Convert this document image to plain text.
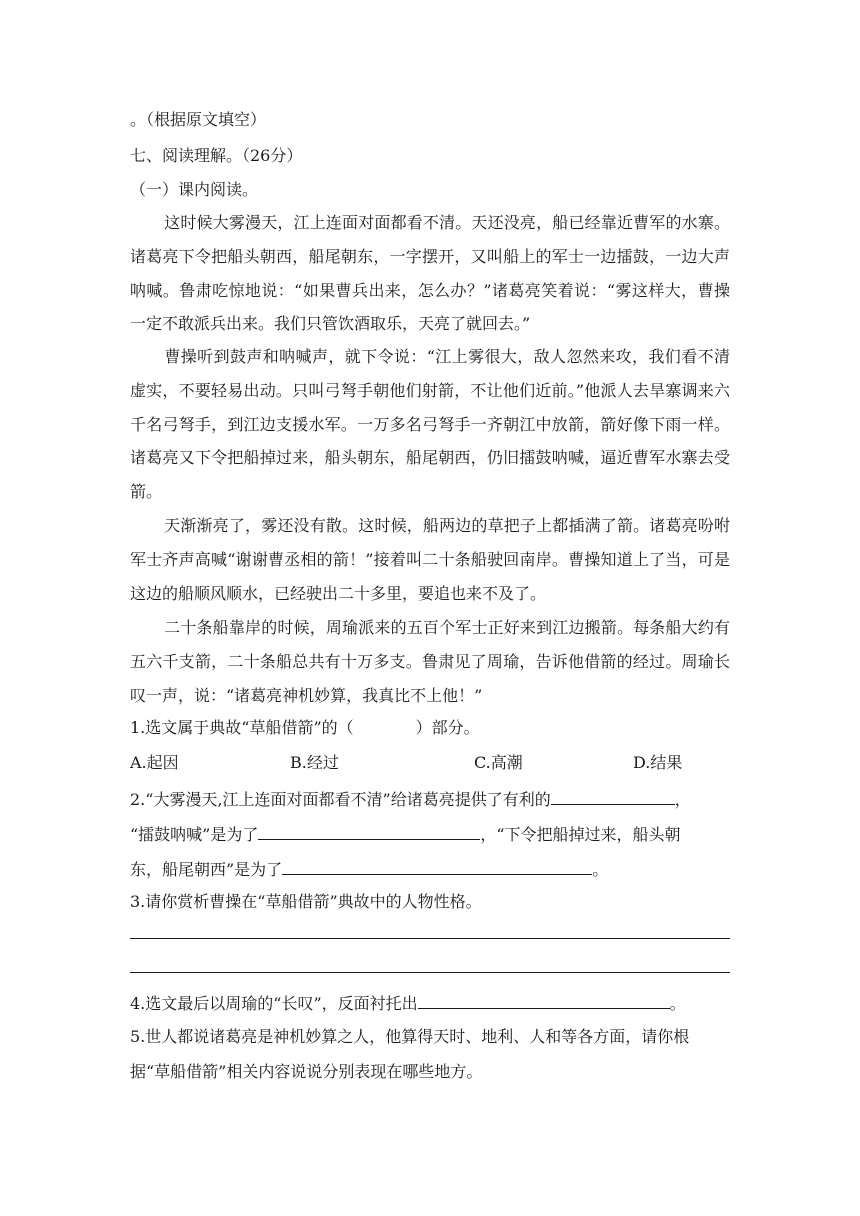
。（根据原文填空）
七、阅读理解。（26分）
（一）课内阅读。
这时候大雾漫天，江上连面对面都看不清。天还没亮，船已经靠近曹军的水寨。诸葛亮下令把船头朝西，船尾朝东，一字摆开，又叫船上的军士一边擂鼓，一边大声呐喊。鲁肃吃惊地说：“如果曹兵出来，怎么办？”诸葛亮笑着说：“雾这样大，曹操一定不敢派兵出来。我们只管饮酒取乐，天亮了就回去。”
曹操听到鼓声和呐喊声，就下令说：“江上雾很大，敌人忽然来攻，我们看不清虚实，不要轻易出动。只叫弓弩手朝他们射箭，不让他们近前。”他派人去旱寨调来六千名弓弩手，到江边支援水军。一万多名弓弩手一齐朝江中放箭，箭好像下雨一样。诸葛亮又下令把船掉过来，船头朝东，船尾朝西，仍旧擂鼓呐喊，逼近曹军水寨去受箭。
天渐渐亮了，雾还没有散。这时候，船两边的草把子上都插满了箭。诸葛亮吩咐军士齐声高喊“谢谢曹丞相的箭！”接着叫二十条船驶回南岸。曹操知道上了当，可是这边的船顺风顺水，已经驶出二十多里，要追也来不及了。
二十条船靠岸的时候，周瑜派来的五百个军士正好来到江边搬箭。每条船大约有五六千支箭，二十条船总共有十万多支。鲁肃见了周瑜，告诉他借箭的经过。周瑜长叹一声，说：“诸葛亮神机妙算，我真比不上他！”
1.选文属于典故“草船借箭”的（	）部分。
A.起因	B.经过	C.高潮	D.结果
2.“大雾漫天,江上连面对面都看不清”给诸葛亮提供了有利的	，
“擂鼓呐喊”是为了	，“下令把船掉过来，船头朝
东，船尾朝西”是为了	。
3.请你赏析曹操在“草船借箭”典故中的人物性格。
4.选文最后以周瑜的“长叹”，反面衬托出	。
5.世人都说诸葛亮是神机妙算之人，他算得天时、地利、人和等各方面，请你根
据“草船借箭”相关内容说说分别表现在哪些地方。
